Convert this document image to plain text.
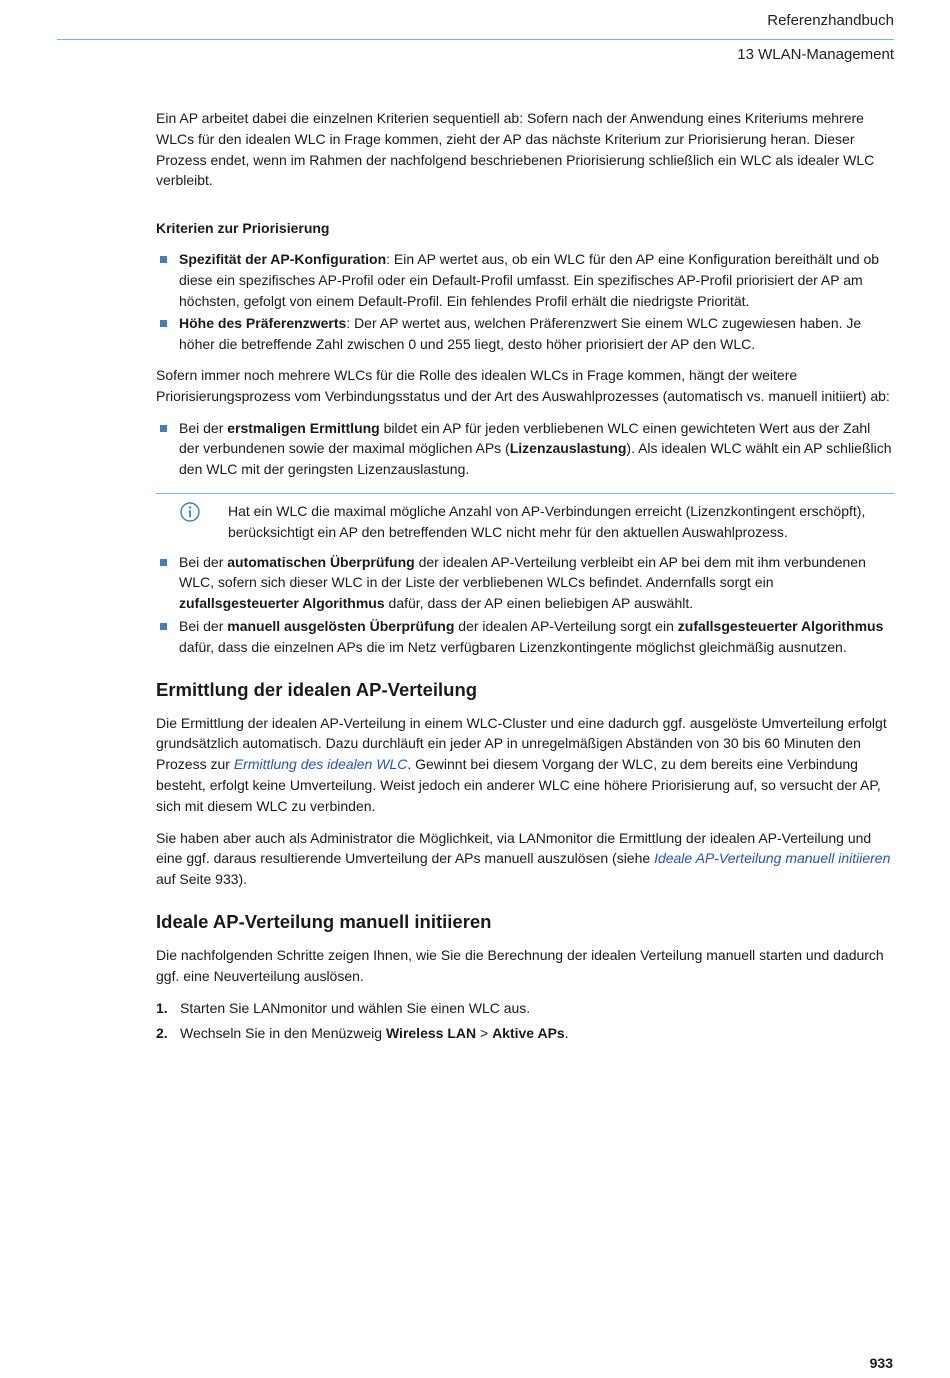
Referenzhandbuch
13 WLAN-Management

Ein AP arbeitet dabei die einzelnen Kriterien sequentiell ab: Sofern nach der Anwendung eines Kriteriums mehrere WLCs für den idealen WLC in Frage kommen, zieht der AP das nächste Kriterium zur Priorisierung heran. Dieser Prozess endet, wenn im Rahmen der nachfolgend beschriebenen Priorisierung schließlich ein WLC als idealer WLC verbleibt.

Kriterien zur Priorisierung
Spezifität der AP-Konfiguration: Ein AP wertet aus, ob ein WLC für den AP eine Konfiguration bereithält und ob diese ein spezifisches AP-Profil oder ein Default-Profil umfasst. Ein spezifisches AP-Profil priorisiert der AP am höchsten, gefolgt von einem Default-Profil. Ein fehlendes Profil erhält die niedrigste Priorität.
Höhe des Präferenzwerts: Der AP wertet aus, welchen Präferenzwert Sie einem WLC zugewiesen haben. Je höher die betreffende Zahl zwischen 0 und 255 liegt, desto höher priorisiert der AP den WLC.

Sofern immer noch mehrere WLCs für die Rolle des idealen WLCs in Frage kommen, hängt der weitere Priorisierungsprozess vom Verbindungsstatus und der Art des Auswahlprozesses (automatisch vs. manuell initiiert) ab:

Bei der erstmaligen Ermittlung bildet ein AP für jeden verbliebenen WLC einen gewichteten Wert aus der Zahl der verbundenen sowie der maximal möglichen APs (Lizenzauslastung). Als idealen WLC wählt ein AP schließlich den WLC mit der geringsten Lizenzauslastung.
Hat ein WLC die maximal mögliche Anzahl von AP-Verbindungen erreicht (Lizenzkontingent erschöpft), berücksichtigt ein AP den betreffenden WLC nicht mehr für den aktuellen Auswahlprozess.
Bei der automatischen Überprüfung der idealen AP-Verteilung verbleibt ein AP bei dem mit ihm verbundenen WLC, sofern sich dieser WLC in der Liste der verbliebenen WLCs befindet. Andernfalls sorgt ein zufallsgesteuerter Algorithmus dafür, dass der AP einen beliebigen AP auswählt.
Bei der manuell ausgelösten Überprüfung der idealen AP-Verteilung sorgt ein zufallsgesteuerter Algorithmus dafür, dass die einzelnen APs die im Netz verfügbaren Lizenzkontingente möglichst gleichmäßig ausnutzen.
Ermittlung der idealen AP-Verteilung

Die Ermittlung der idealen AP-Verteilung in einem WLC-Cluster und eine dadurch ggf. ausgelöste Umverteilung erfolgt grundsätzlich automatisch. Dazu durchläuft ein jeder AP in unregelmäßigen Abständen von 30 bis 60 Minuten den Prozess zur Ermittlung des idealen WLC. Gewinnt bei diesem Vorgang der WLC, zu dem bereits eine Verbindung besteht, erfolgt keine Umverteilung. Weist jedoch ein anderer WLC eine höhere Priorisierung auf, so versucht der AP, sich mit diesem WLC zu verbinden.

Sie haben aber auch als Administrator die Möglichkeit, via LANmonitor die Ermittlung der idealen AP-Verteilung und eine ggf. daraus resultierende Umverteilung der APs manuell auszulösen (siehe Ideale AP-Verteilung manuell initiieren auf Seite 933).

Ideale AP-Verteilung manuell initiieren

Die nachfolgenden Schritte zeigen Ihnen, wie Sie die Berechnung der idealen Verteilung manuell starten und dadurch ggf. eine Neuverteilung auslösen.

1. Starten Sie LANmonitor und wählen Sie einen WLC aus.
2. Wechseln Sie in den Menüzweig Wireless LAN > Aktive APs.
933
